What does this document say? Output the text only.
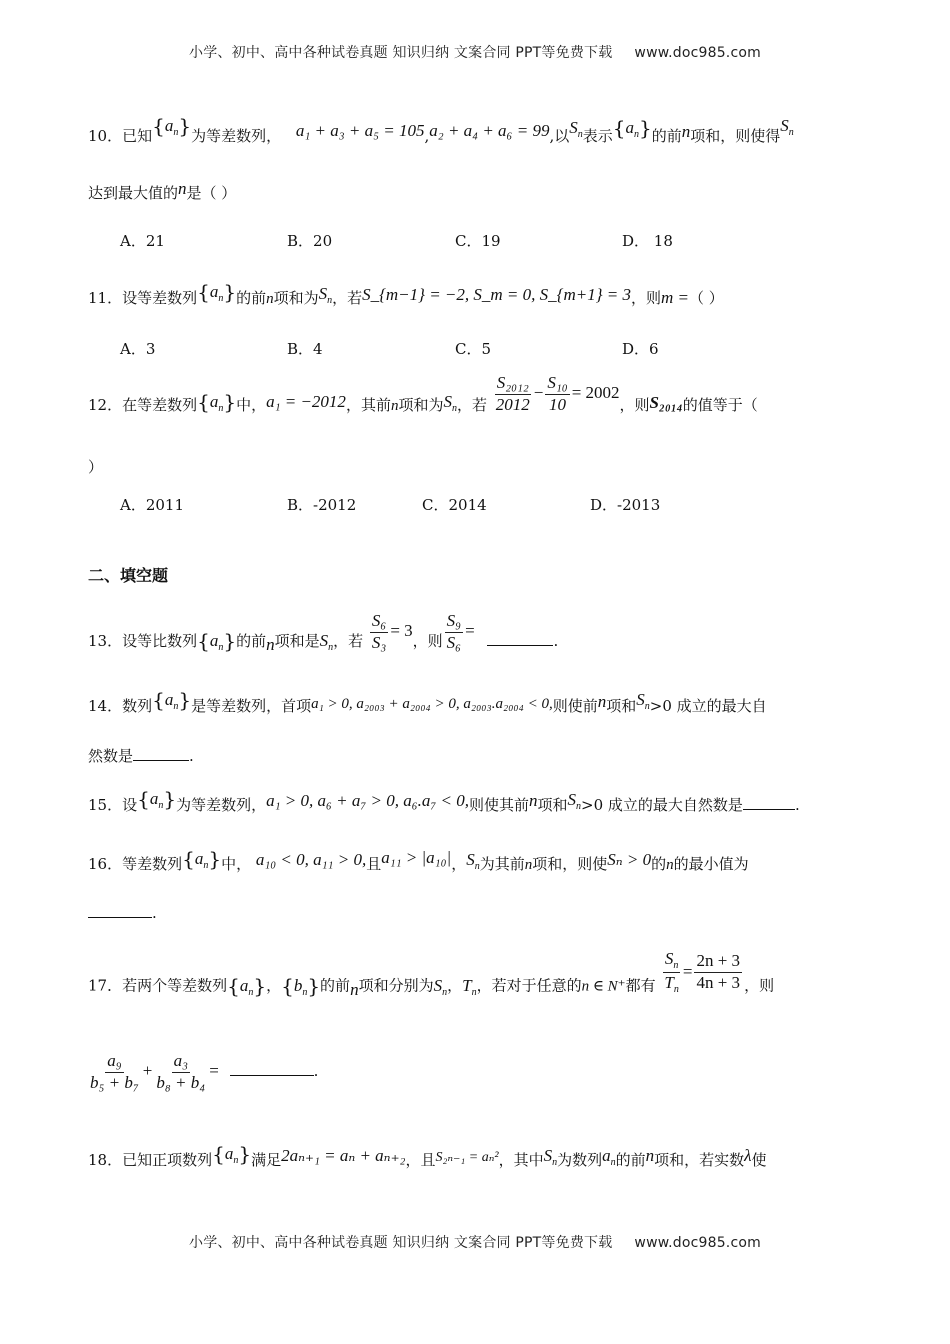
小学、初中、高中各种试卷真题 知识归纳 文案合同 PPT等免费下载 www.doc985.com
10．已知$\{a_n\}$为等差数列， a₁ + a₃ + a₅ = 105,a₂ + a₄ + a₆ = 99,以$S_n$表示$\{a_n\}$的前n项和，则使得$S_n$
达到最大值的n是（ ）
A．21	B．20	C．19	D． 18
11．设等差数列$\{a_n\}$的前n项和为$S_n$，若S_{m−1} = −2, S_m = 0, S_{m+1} = 3，则m =（ ）
A．3	B．4	C．5	D．6
12．在等差数列$\{a_n\}$中，a₁ = −2012，其前n项和为$S_n$，若 $\frac{\text{S₂₀₁₂}}{2012} - \frac{\text{S₁₀}}{10} = 2002$，则S₂₀₁₄的值等于（
）
A．2011	B．-2012	C．2014	D．-2013
二、填空题
13．设等比数列$\{a_n\}$的前n项和是$S_n$，若 $\frac{\text{S₆}}{\text{S₃}} = 3$，则 $\frac{\text{S₉}}{\text{S₆}}$ = .
14．数列$\{a_n\}$是等差数列，首项a₁ > 0, a₂₀₀₃ + a₂₀₀₄ > 0, a₂₀₀₃.a₂₀₀₄ < 0,则使前n项和$S_n>0$ 成立的最大自
然数是	.
15．设$\{a_n\}$为等差数列，a₁ > 0, a₆ + a₇ > 0, a₆.a₇ < 0,则使其前n项和$S_n>0$ 成立的最大自然数是	.
16．等差数列$\{a_n\}$中， a₁₀ < 0, a₁₁ > 0,且a₁₁ > |a₁₀|，$S_n$为其前n项和，则使Sₙ > 0的n的最小值为
.
17．若两个等差数列$\{a_n\}$，$\{b_n\}$的前n项和分别为$S_n$，$T_n$，若对于任意的n ∈ N⁺都有 $\frac{S_n}{T_n} = \frac{2n + 3}{4n + 3}$ ，则
$\frac{\text{a₉}}{\text{b₅ + b₇}} + \frac{\text{a₃}}{\text{b₈ + b₄}}$ =	.
18．已知正项数列$\{a_n\}$满足2aₙ₊₁ = aₙ + aₙ₊₂，且S₂ₙ₋₁ = aₙ²，其中$S_n$为数列$a_n$的前n项和，若实数λ使
小学、初中、高中各种试卷真题 知识归纳 文案合同 PPT等免费下载 www.doc985.com
